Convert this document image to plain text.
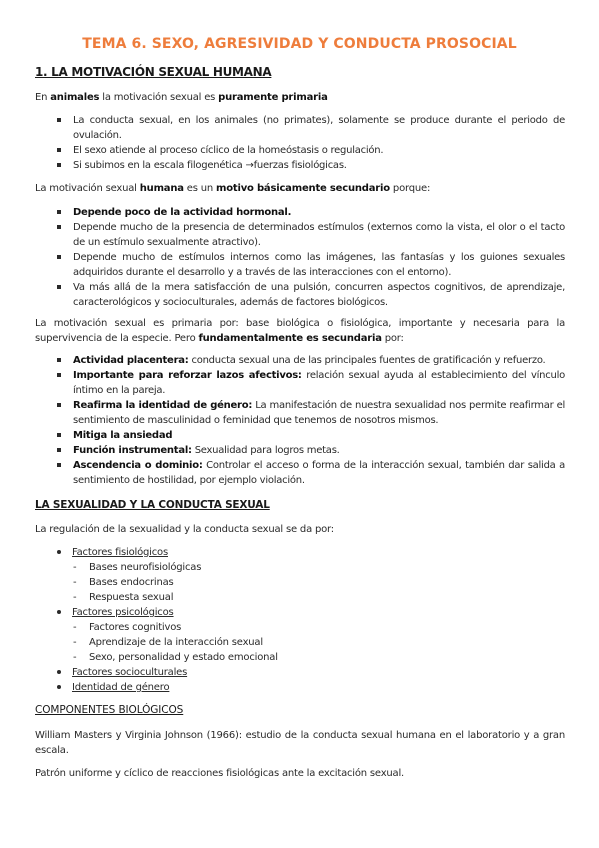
TEMA 6. SEXO, AGRESIVIDAD Y CONDUCTA PROSOCIAL
1. LA MOTIVACIÓN SEXUAL HUMANA
En animales la motivación sexual es puramente primaria
La conducta sexual, en los animales (no primates), solamente se produce durante el periodo de ovulación.
El sexo atiende al proceso cíclico de la homeóstasis o regulación.
Si subimos en la escala filogenética →fuerzas fisiológicas.
La motivación sexual humana es un motivo básicamente secundario porque:
Depende poco de la actividad hormonal.
Depende mucho de la presencia de determinados estímulos (externos como la vista, el olor o el tacto de un estímulo sexualmente atractivo).
Depende mucho de estímulos internos como las imágenes, las fantasías y los guiones sexuales adquiridos durante el desarrollo y a través de las interacciones con el entorno).
Va más allá de la mera satisfacción de una pulsión, concurren aspectos cognitivos, de aprendizaje, caracterológicos y socioculturales, además de factores biológicos.
La motivación sexual es primaria por: base biológica o fisiológica, importante y necesaria para la supervivencia de la especie. Pero fundamentalmente es secundaria por:
Actividad placentera: conducta sexual una de las principales fuentes de gratificación y refuerzo.
Importante para reforzar lazos afectivos: relación sexual ayuda al establecimiento del vínculo íntimo en la pareja.
Reafirma la identidad de género: La manifestación de nuestra sexualidad nos permite reafirmar el sentimiento de masculinidad o feminidad que tenemos de nosotros mismos.
Mitiga la ansiedad
Función instrumental: Sexualidad para logros metas.
Ascendencia o dominio: Controlar el acceso o forma de la interacción sexual, también dar salida a sentimiento de hostilidad, por ejemplo violación.
LA SEXUALIDAD Y LA CONDUCTA SEXUAL
La regulación de la sexualidad y la conducta sexual se da por:
Factores fisiológicos
- Bases neurofisiológicas
- Bases endocrinas
- Respuesta sexual
Factores psicológicos
- Factores cognitivos
- Aprendizaje de la interacción sexual
- Sexo, personalidad y estado emocional
Factores socioculturales
Identidad de género
COMPONENTES BIOLÓGICOS
William Masters y Virginia Johnson (1966): estudio de la conducta sexual humana en el laboratorio y a gran escala.
Patrón uniforme y cíclico de reacciones fisiológicas ante la excitación sexual.
